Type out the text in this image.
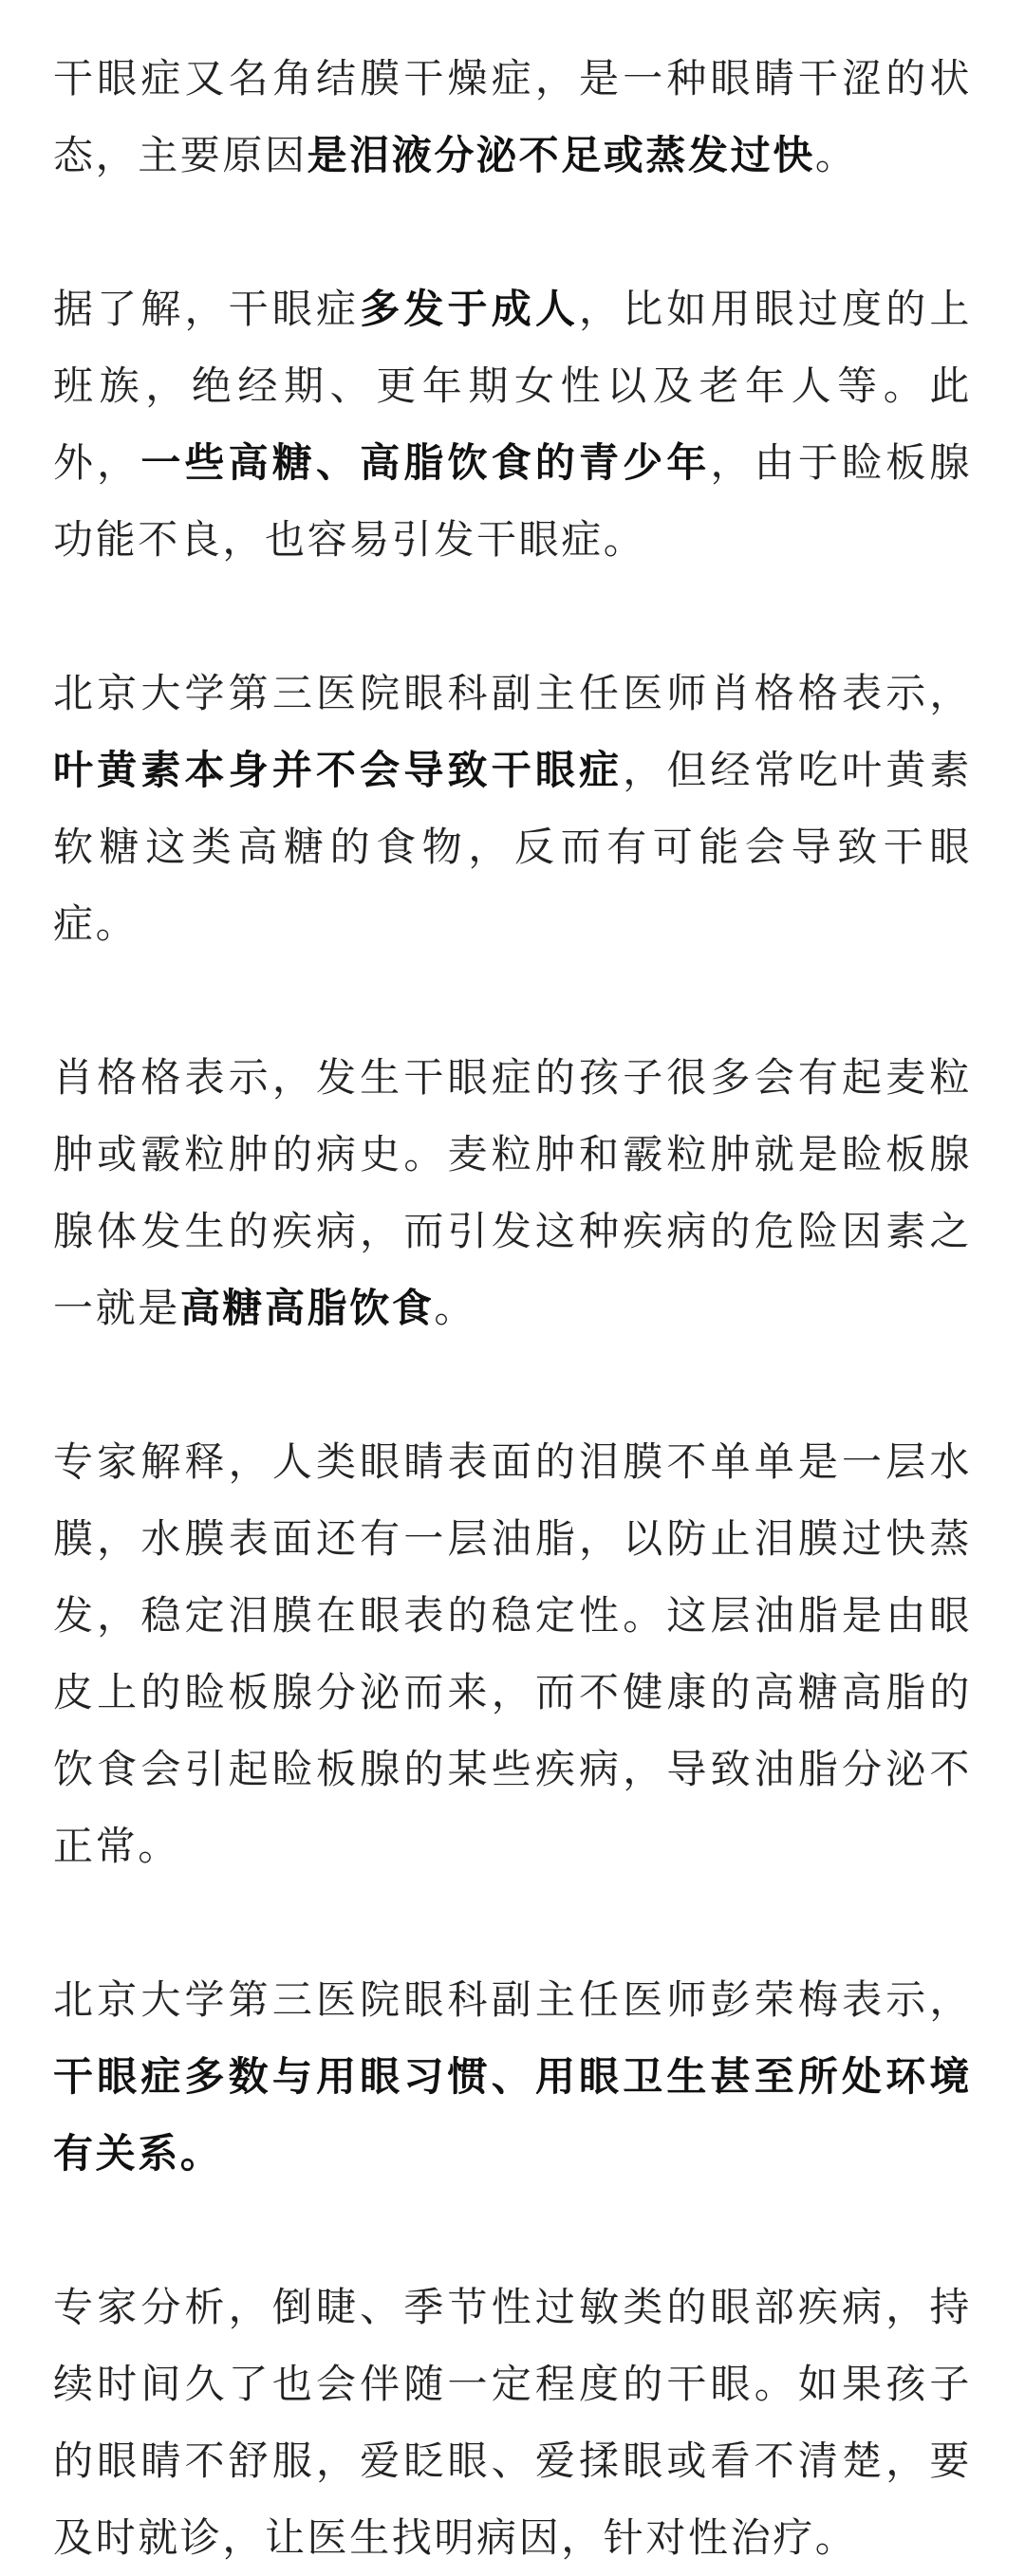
干眼症又名角结膜干燥症，是一种眼睛干涩的状态，主要原因是泪液分泌不足或蒸发过快。

据了解，干眼症多发于成人，比如用眼过度的上班族，绝经期、更年期女性以及老年人等。此外，一些高糖、高脂饮食的青少年，由于睑板腺功能不良，也容易引发干眼症。

北京大学第三医院眼科副主任医师肖格格表示，叶黄素本身并不会导致干眼症，但经常吃叶黄素软糖这类高糖的食物，反而有可能会导致干眼症。

肖格格表示，发生干眼症的孩子很多会有起麦粒肿或霰粒肿的病史。麦粒肿和霰粒肿就是睑板腺腺体发生的疾病，而引发这种疾病的危险因素之一就是高糖高脂饮食。

专家解释，人类眼睛表面的泪膜不单单是一层水膜，水膜表面还有一层油脂，以防止泪膜过快蒸发，稳定泪膜在眼表的稳定性。这层油脂是由眼皮上的睑板腺分泌而来，而不健康的高糖高脂的饮食会引起睑板腺的某些疾病，导致油脂分泌不正常。

北京大学第三医院眼科副主任医师彭荣梅表示，干眼症多数与用眼习惯、用眼卫生甚至所处环境有关系。

专家分析，倒睫、季节性过敏类的眼部疾病，持续时间久了也会伴随一定程度的干眼。如果孩子的眼睛不舒服，爱眨眼、爱揉眼或看不清楚，要及时就诊，让医生找明病因，针对性治疗。
